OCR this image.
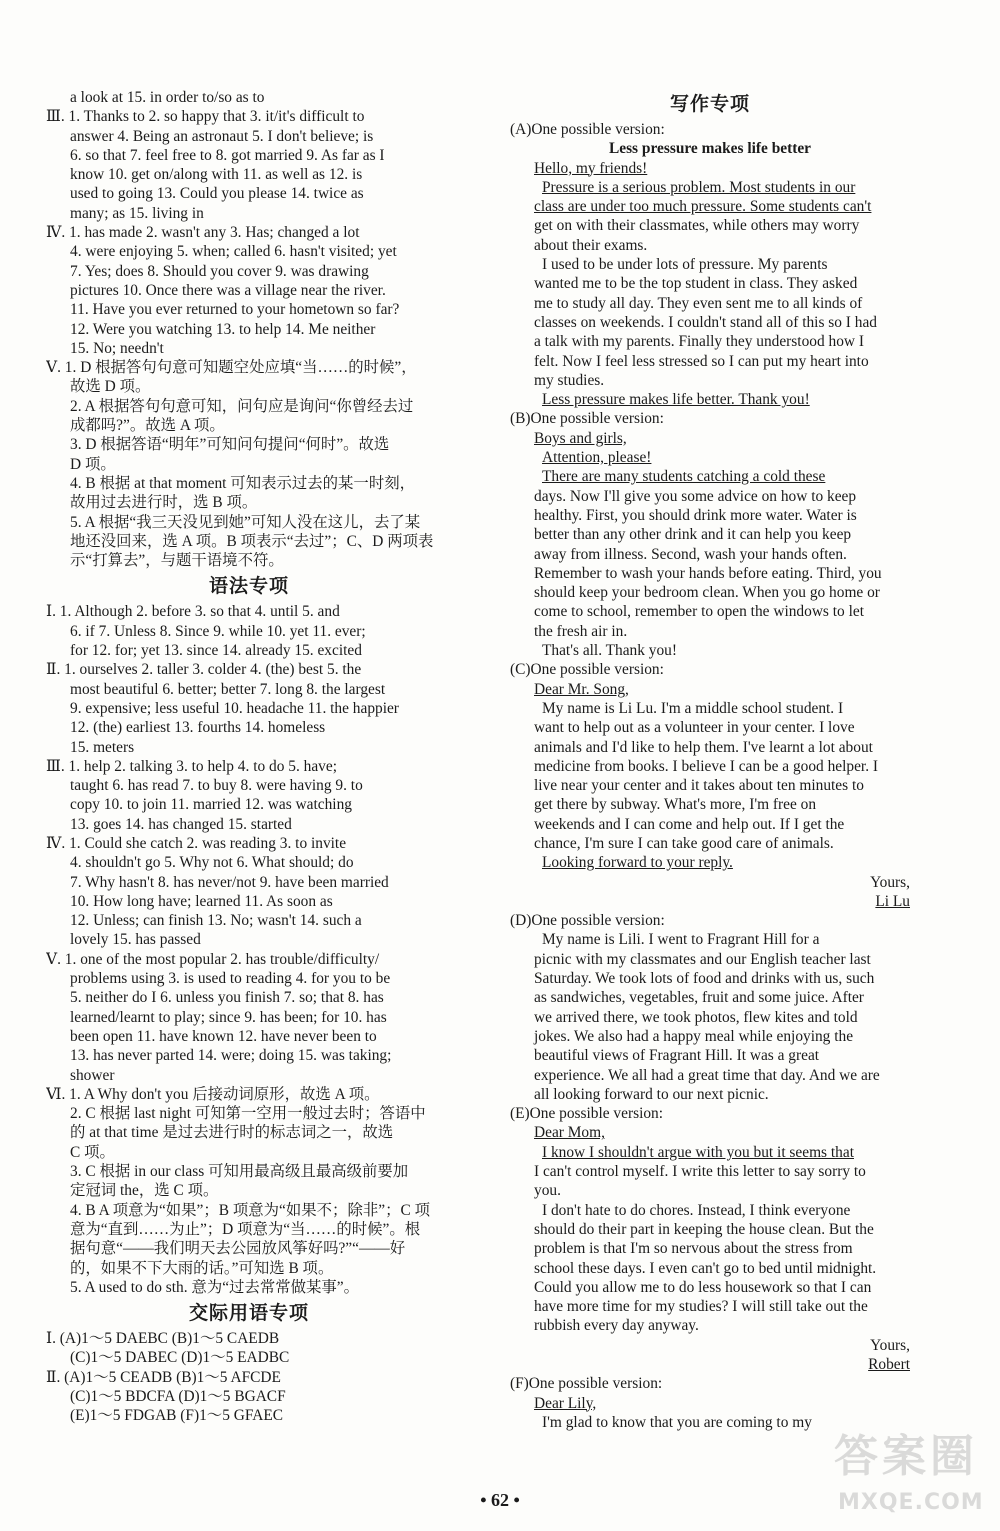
a look at 15. in order to/so as to
Ⅲ. 1. Thanks to 2. so happy that 3. it/it's difficult to
answer 4. Being an astronaut 5. I don't believe; is
6. so that 7. feel free to 8. got married 9. As far as I
know 10. get on/along with 11. as well as 12. is
used to going 13. Could you please 14. twice as
many; as 15. living in
Ⅳ. 1. has made 2. wasn't any 3. Has; changed a lot
4. were enjoying 5. when; called 6. hasn't visited; yet
7. Yes; does 8. Should you cover 9. was drawing
pictures 10. Once there was a village near the river.
11. Have you ever returned to your hometown so far?
12. Were you watching 13. to help 14. Me neither
15. No; needn't
Ⅴ. 1. D 根据答句句意可知题空处应填“当……的时候”，
故选 D 项。
2. A 根据答句句意可知，问句应是询问“你曾经去过
成都吗?”。故选 A 项。
3. D 根据答语“明年”可知问句提问“何时”。故选
D 项。
4. B 根据 at that moment 可知表示过去的某一时刻，
故用过去进行时，选 B 项。
5. A 根据“我三天没见到她”可知人没在这儿，去了某
地还没回来，选 A 项。B 项表示“去过”；C、D 两项表
示“打算去”，与题干语境不符。
语法专项
Ⅰ. 1. Although 2. before 3. so that 4. until 5. and
6. if 7. Unless 8. Since 9. while 10. yet 11. ever;
for 12. for; yet 13. since 14. already 15. excited
Ⅱ. 1. ourselves 2. taller 3. colder 4. (the) best 5. the
most beautiful 6. better; better 7. long 8. the largest
9. expensive; less useful 10. headache 11. the happier
12. (the) earliest 13. fourths 14. homeless
15. meters
Ⅲ. 1. help 2. talking 3. to help 4. to do 5. have;
taught 6. has read 7. to buy 8. were having 9. to
copy 10. to join 11. married 12. was watching
13. goes 14. has changed 15. started
Ⅳ. 1. Could she catch 2. was reading 3. to invite
4. shouldn't go 5. Why not 6. What should; do
7. Why hasn't 8. has never/not 9. have been married
10. How long have; learned 11. As soon as
12. Unless; can finish 13. No; wasn't 14. such a
lovely 15. has passed
Ⅴ. 1. one of the most popular 2. has trouble/difficulty/
problems using 3. is used to reading 4. for you to be
5. neither do I 6. unless you finish 7. so; that 8. has
learned/learnt to play; since 9. has been; for 10. has
been open 11. have known 12. have never been to
13. has never parted 14. were; doing 15. was taking;
shower
Ⅵ. 1. A Why don't you 后接动词原形，故选 A 项。
2. C 根据 last night 可知第一空用一般过去时；答语中
的 at that time 是过去进行时的标志词之一，故选
C 项。
3. C 根据 in our class 可知用最高级且最高级前要加
定冠词 the，选 C 项。
4. B A 项意为“如果”；B 项意为“如果不；除非”；C 项
意为“直到……为止”；D 项意为“当……的时候”。根
据句意“——我们明天去公园放风筝好吗?”“——好
的，如果不下大雨的话。”可知选 B 项。
5. A used to do sth. 意为“过去常常做某事”。
交际用语专项
Ⅰ. (A)1～5 DAEBC (B)1～5 CAEDB
(C)1～5 DABEC (D)1～5 EADBC
Ⅱ. (A)1～5 CEADB (B)1～5 AFCDE
(C)1～5 BDCFA (D)1～5 BGACF
(E)1～5 FDGAB (F)1～5 GFAEC
写作专项
(A)One possible version:
Less pressure makes life better
Hello, my friends!
Pressure is a serious problem. Most students in our
class are under too much pressure. Some students can't
get on with their classmates, while others may worry
about their exams.
I used to be under lots of pressure. My parents
wanted me to be the top student in class. They asked
me to study all day. They even sent me to all kinds of
classes on weekends. I couldn't stand all of this so I had
a talk with my parents. Finally they understood how I
felt. Now I feel less stressed so I can put my heart into
my studies.
Less pressure makes life better. Thank you!
(B)One possible version:
Boys and girls,
Attention, please!
There are many students catching a cold these
days. Now I'll give you some advice on how to keep
healthy. First, you should drink more water. Water is
better than any other drink and it can help you keep
away from illness. Second, wash your hands often.
Remember to wash your hands before eating. Third, you
should keep your bedroom clean. When you go home or
come to school, remember to open the windows to let
the fresh air in.
That's all. Thank you!
(C)One possible version:
Dear Mr. Song,
My name is Li Lu. I'm a middle school student. I
want to help out as a volunteer in your center. I love
animals and I'd like to help them. I've learnt a lot about
medicine from books. I believe I can be a good helper. I
live near your center and it takes about ten minutes to
get there by subway. What's more, I'm free on
weekends and I can come and help out. If I get the
chance, I'm sure I can take good care of animals.
Looking forward to your reply.
Yours,
Li Lu
(D)One possible version:
My name is Lili. I went to Fragrant Hill for a
picnic with my classmates and our English teacher last
Saturday. We took lots of food and drinks with us, such
as sandwiches, vegetables, fruit and some juice. After
we arrived there, we took photos, flew kites and told
jokes. We also had a happy meal while enjoying the
beautiful views of Fragrant Hill. It was a great
experience. We all had a great time that day. And we are
all looking forward to our next picnic.
(E)One possible version:
Dear Mom,
I know I shouldn't argue with you but it seems that
I can't control myself. I write this letter to say sorry to
you.
I don't hate to do chores. Instead, I think everyone
should do their part in keeping the house clean. But the
problem is that I'm so nervous about the stress from
school these days. I even can't go to bed until midnight.
Could you allow me to do less housework so that I can
have more time for my studies? I will still take out the
rubbish every day anyway.
Yours,
Robert
(F)One possible version:
Dear Lily,
I'm glad to know that you are coming to my
• 62 •
答案圈
MXQE.COM
